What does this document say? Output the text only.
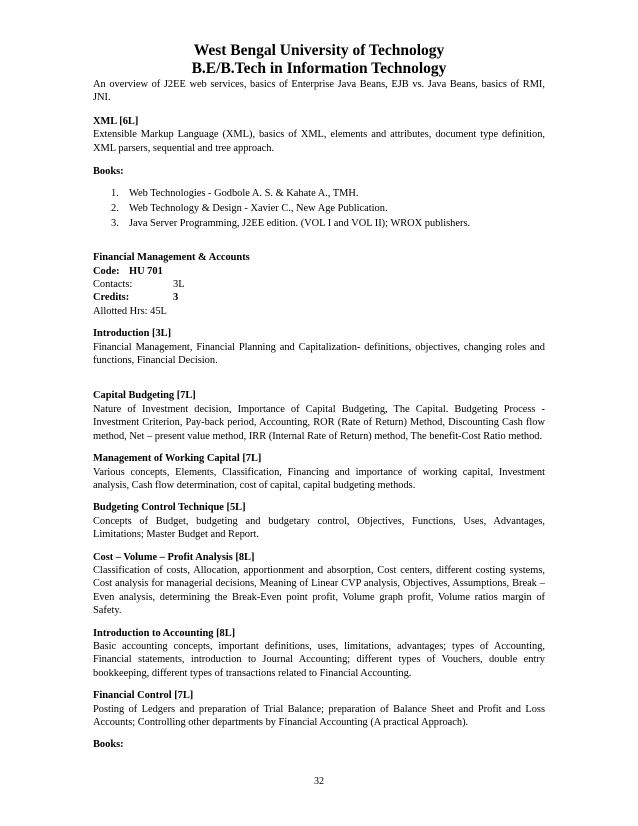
West Bengal University of Technology
B.E/B.Tech in Information Technology
An overview of J2EE web services, basics of Enterprise Java Beans, EJB vs. Java Beans, basics of RMI, JNI.
XML [6L]
Extensible Markup Language (XML), basics of XML, elements and attributes, document type definition, XML parsers, sequential and tree approach.
Books:
1. Web Technologies - Godbole A. S. & Kahate A., TMH.
2. Web Technology & Design - Xavier C., New Age Publication.
3. Java Server Programming, J2EE edition. (VOL I and VOL II); WROX publishers.
Financial Management & Accounts
Code: HU 701
Contacts:	3L
Credits:	3
Allotted Hrs: 45L
Introduction [3L]
Financial Management, Financial Planning and Capitalization- definitions, objectives, changing roles and functions, Financial Decision.
Capital Budgeting [7L]
Nature of Investment decision, Importance of Capital Budgeting, The Capital. Budgeting Process - Investment Criterion, Pay-back period, Accounting, ROR (Rate of Return) Method, Discounting Cash flow method, Net – present value method, IRR (Internal Rate of Return) method, The benefit-Cost Ratio method.
Management of Working Capital [7L]
Various concepts, Elements, Classification, Financing and importance of working capital, Investment analysis, Cash flow determination, cost of capital, capital budgeting methods.
Budgeting Control Technique [5L]
Concepts of Budget, budgeting and budgetary control, Objectives, Functions, Uses, Advantages, Limitations; Master Budget and Report.
Cost – Volume – Profit Analysis [8L]
Classification of costs, Allocation, apportionment and absorption, Cost centers, different costing systems, Cost analysis for managerial decisions, Meaning of Linear CVP analysis, Objectives, Assumptions, Break – Even analysis, determining the Break-Even point profit, Volume graph profit, Volume ratios margin of Safety.
Introduction to Accounting [8L]
Basic accounting concepts, important definitions, uses, limitations, advantages; types of Accounting, Financial statements, introduction to Journal Accounting; different types of Vouchers, double entry bookkeeping, different types of transactions related to Financial Accounting.
Financial Control [7L]
Posting of Ledgers and preparation of Trial Balance; preparation of Balance Sheet and Profit and Loss Accounts; Controlling other departments by Financial Accounting (A practical Approach).
Books:
32
